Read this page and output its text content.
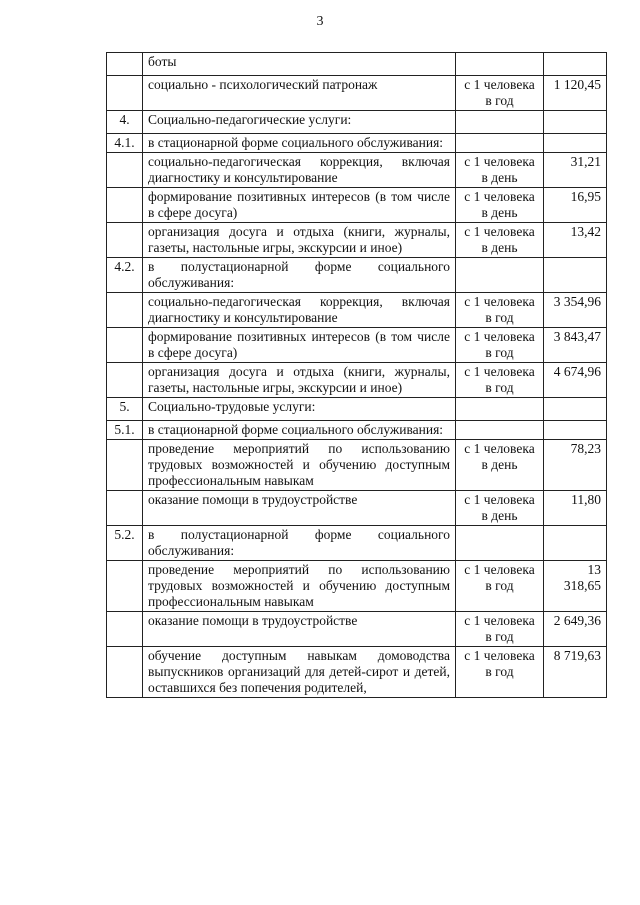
3
	боты		
	социально - психологический патронаж	с 1 человека в год	1 120,45
4.	Социально-педагогические услуги:		
4.1.	в стационарной форме социального обслуживания:		
	социально-педагогическая коррекция, включая диагностику и консультирование	с 1 человека в день	31,21
	формирование позитивных интересов (в том числе в сфере досуга)	с 1 человека в день	16,95
	организация досуга и отдыха (книги, журналы, газеты, настольные игры, экскурсии и иное)	с 1 человека в день	13,42
4.2.	в полустационарной форме социального обслуживания:		
	социально-педагогическая коррекция, включая диагностику и консультирование	с 1 человека в год	3 354,96
	формирование позитивных интересов (в том числе в сфере досуга)	с 1 человека в год	3 843,47
	организация досуга и отдыха (книги, журналы, газеты, настольные игры, экскурсии и иное)	с 1 человека в год	4 674,96
5.	Социально-трудовые услуги:		
5.1.	в стационарной форме социального обслуживания:		
	проведение мероприятий по использованию трудовых возможностей и обучению доступным профессиональным навыкам	с 1 человека в день	78,23
	оказание помощи в трудоустройстве	с 1 человека в день	11,80
5.2.	в полустационарной форме социального обслуживания:		
	проведение мероприятий по использованию трудовых возможностей и обучению доступным профессиональным навыкам	с 1 человека в год	13 318,65
	оказание помощи в трудоустройстве	с 1 человека в год	2 649,36
	обучение доступным навыкам домоводства выпускников организаций для детей-сирот и детей, оставшихся без попечения родителей,	с 1 человека в год	8 719,63
